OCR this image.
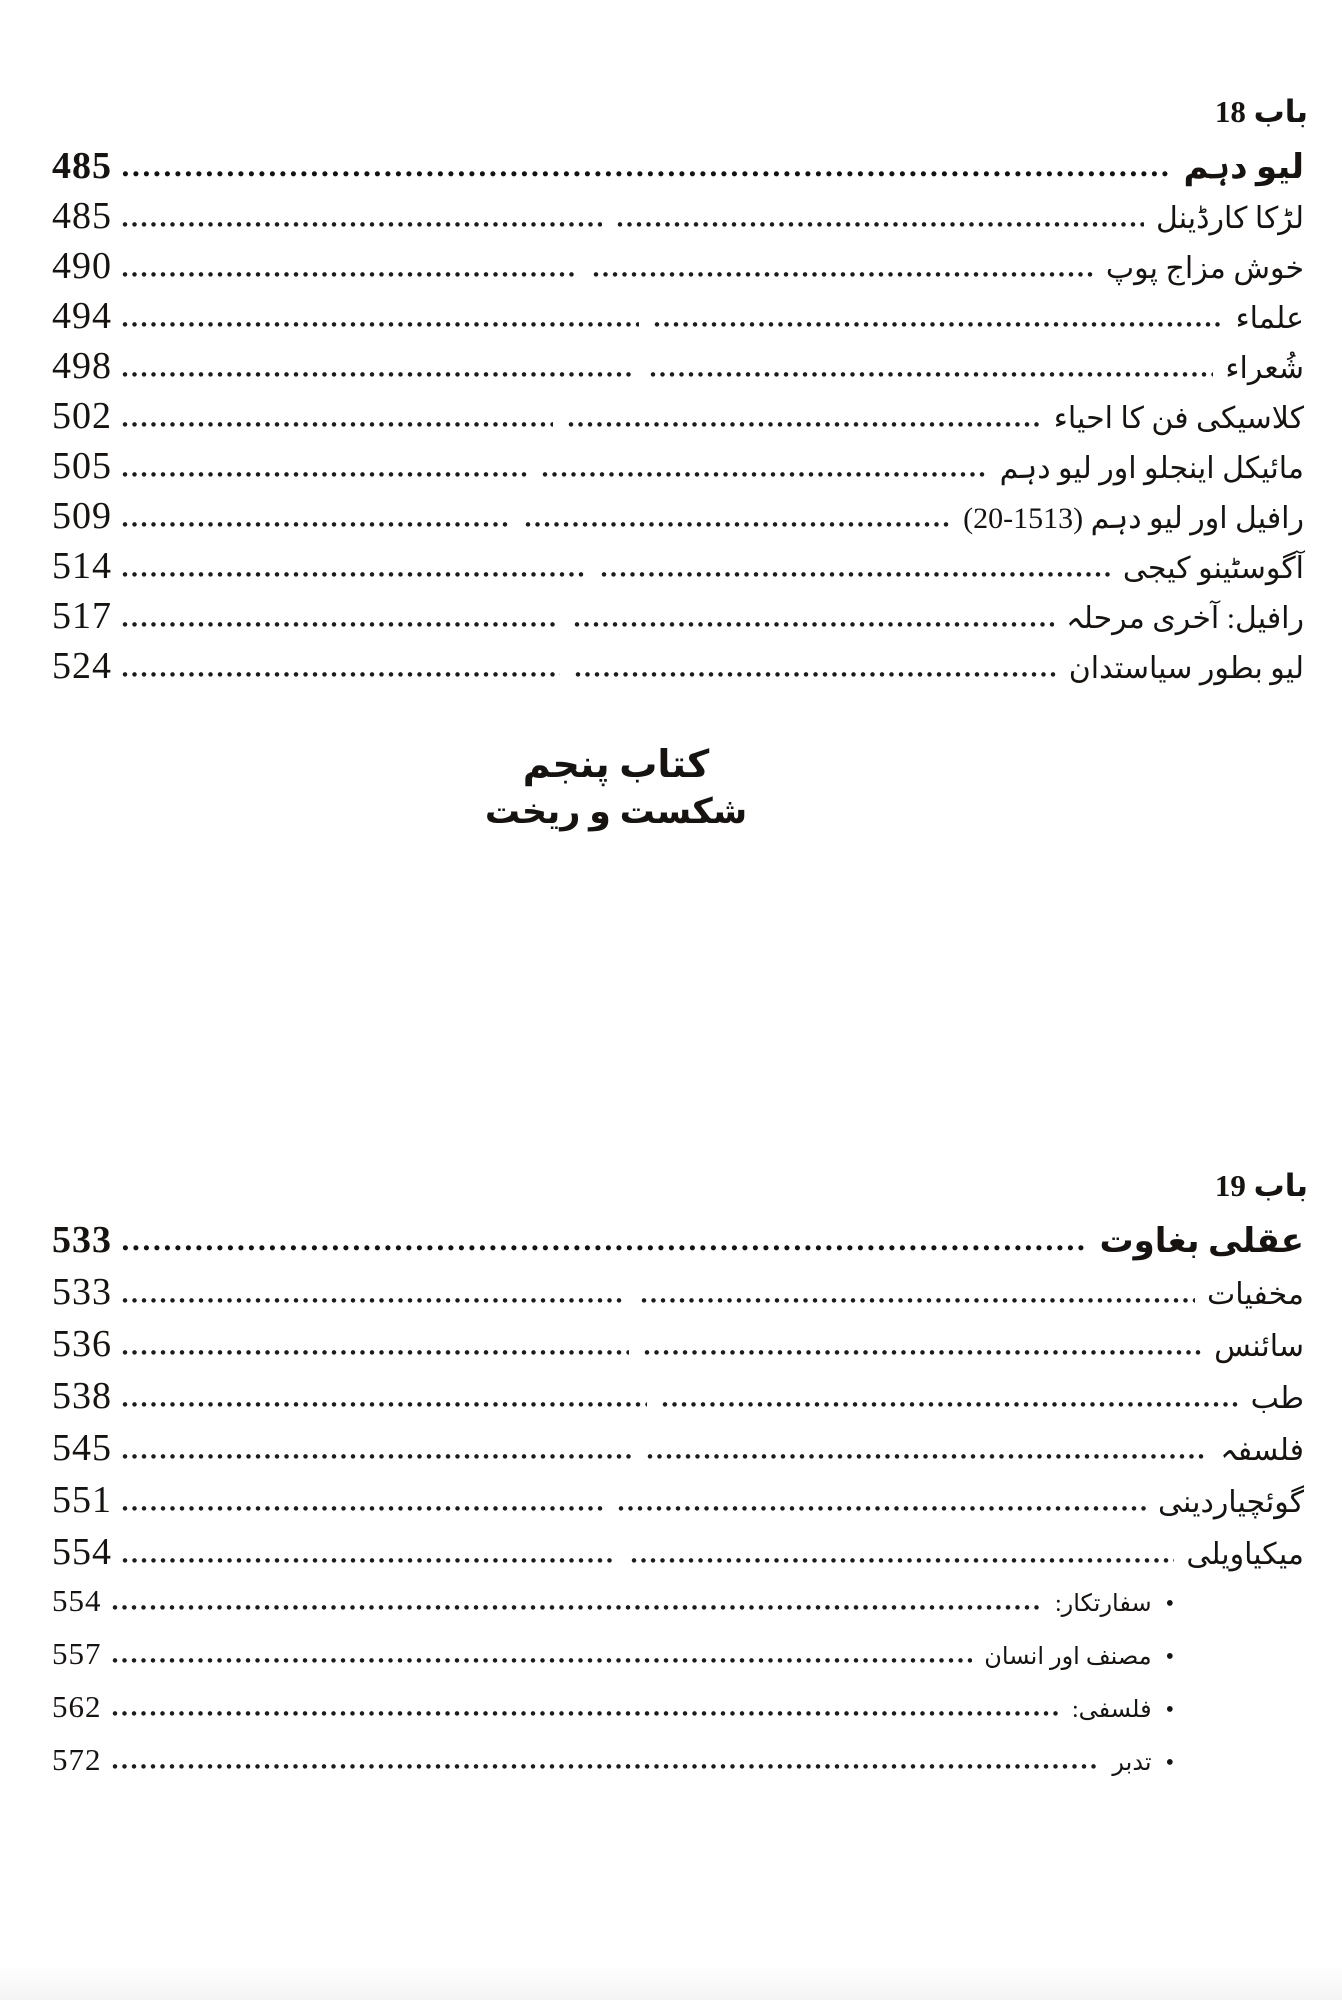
باب 18
لیو دہم
485
لڑکا کارڈینل
485
خوش مزاج پوپ
490
علماء
494
شُعراء
498
کلاسیکی فن کا احیاء
502
مائیکل اینجلو اور لیو دہم
505
رافیل اور لیو دہم (1513-20)
509
آگوسٹینو کیجی
514
رافیل: آخری مرحلہ
517
لیو بطور سیاستدان
524
کتاب پنجم
شکست و ریخت
باب 19
عقلی بغاوت
533
مخفیات
533
سائنس
536
طب
538
فلسفہ
545
گوئچیاردینی
551
میکیاویلی
554
•
سفارتکار:
554
•
مصنف اور انسان
557
•
فلسفی:
562
•
تدبر
572
